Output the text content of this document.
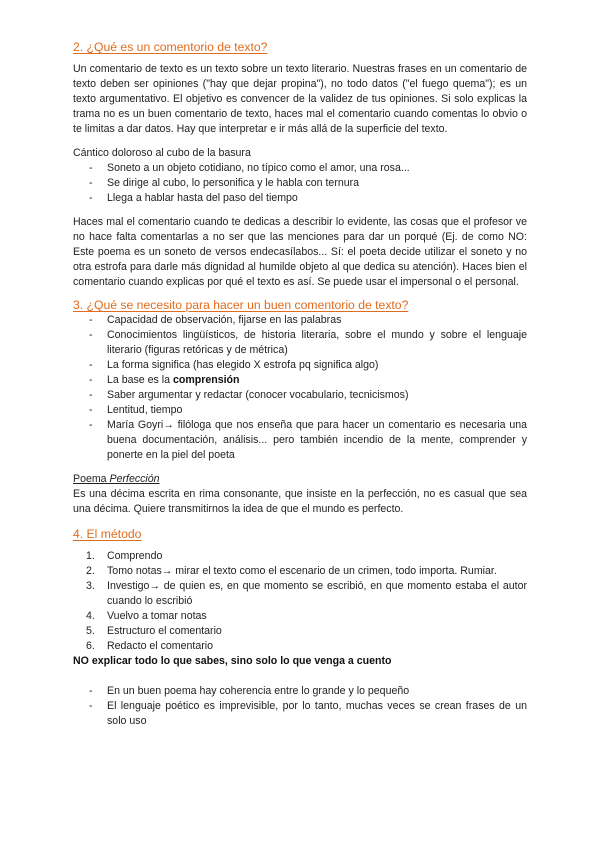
2. ¿Qué es un comentorio de texto?

Un comentario de texto es un texto sobre un texto literario. Nuestras frases en un comentario de texto deben ser opiniones ("hay que dejar propina"), no todo datos ("el fuego quema"); es un texto argumentativo. El objetivo es convencer de la validez de tus opiniones. Si solo explicas la trama no es un buen comentario de texto, haces mal el comentario cuando comentas lo obvio o te limitas a dar datos. Hay que interpretar e ir más allá de la superficie del texto.

Cántico doloroso al cubo de la basura

- Soneto a un objeto cotidiano, no típico como el amor, una rosa...
- Se dirige al cubo, lo personifica y le habla con ternura
- Llega a hablar hasta del paso del tiempo

Haces mal el comentario cuando te dedicas a describir lo evidente, las cosas que el profesor ve no hace falta comentarlas a no ser que las menciones para dar un porqué (Ej. de como NO: Este poema es un soneto de versos endecasílabos... Sí: el poeta decide utilizar el soneto y no otra estrofa para darle más dignidad al humilde objeto al que dedica su atención). Haces bien el comentario cuando explicas por qué el texto es así. Se puede usar el impersonal o el personal.

3. ¿Qué se necesito para hacer un buen comentorio de texto?
- Capacidad de observación, fijarse en las palabras
- Conocimientos lingüísticos, de historia literaria, sobre el mundo y sobre el lenguaje literario (figuras retóricas y de métrica)
- La forma significa (has elegido X estrofa pq significa algo)
- La base es la comprensión
- Saber argumentar y redactar (conocer vocabulario, tecnicismos)
- Lentitud, tiempo
- María Goyri→ filóloga que nos enseña que para hacer un comentario es necesaria una buena documentación, análisis... pero también incendio de la mente, comprender y ponerte en la piel del poeta

Poema Perfección

Es una décima escrita en rima consonante, que insiste en la perfección, no es casual que sea una décima. Quiere transmitirnos la idea de que el mundo es perfecto.

4. El método
1. Comprendo
2. Tomo notas→ mirar el texto como el escenario de un crimen, todo importa. Rumiar.
3. Investigo→ de quien es, en que momento se escribió, en que momento estaba el autor cuando lo escribió
4. Vuelvo a tomar notas
5. Estructuro el comentario
6. Redacto el comentario

NO explicar todo lo que sabes, sino solo lo que venga a cuento

- En un buen poema hay coherencia entre lo grande y lo pequeño
- El lenguaje poético es imprevisible, por lo tanto, muchas veces se crean frases de un solo uso
